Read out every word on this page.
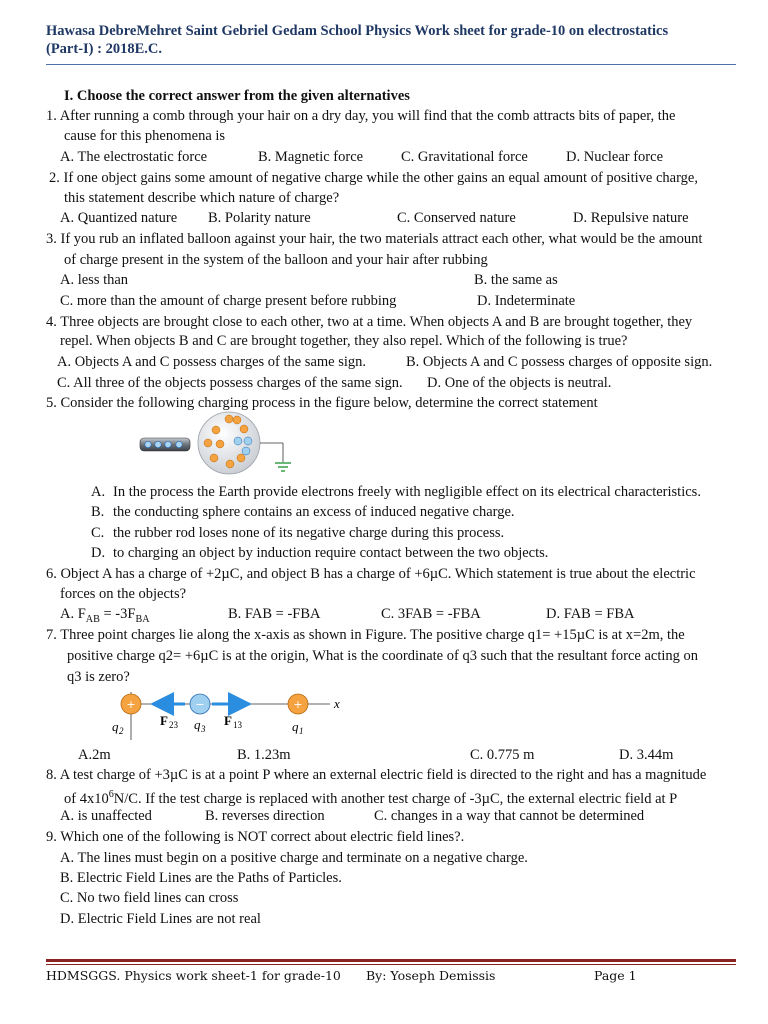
Hawasa DebreMehret Saint Gebriel Gedam School Physics Work sheet for grade-10 on electrostatics
(Part-I) : 2018E.C.
I. Choose the correct answer from the given alternatives
1. After running a comb through your hair on a dry day, you will find that the comb attracts bits of paper, the
cause for this phenomena is
A. The electrostatic force	B. Magnetic force	C. Gravitational force	D. Nuclear force
2. If one object gains some amount of negative charge while the other gains an equal amount of positive charge,
this statement describe which nature of charge?
A. Quantized nature B. Polarity nature	C. Conserved nature	D. Repulsive nature
3. If you rub an inflated balloon against your hair, the two materials attract each other, what would be the amount
of charge present in the system of the balloon and your hair after rubbing
A. less than	B. the same as
C. more than the amount of charge present before rubbing	D. Indeterminate
4. Three objects are brought close to each other, two at a time. When objects A and B are brought together, they
repel. When objects B and C are brought together, they also repel. Which of the following is true?
A. Objects A and C possess charges of the same sign.	B. Objects A and C possess charges of opposite sign.
C. All three of the objects possess charges of the same sign. D. One of the objects is neutral.
5. Consider the following charging process in the figure below, determine the correct statement
A. In the process the Earth provide electrons freely with negligible effect on its electrical characteristics.
B. the conducting sphere contains an excess of induced negative charge.
C. the rubber rod loses none of its negative charge during this process.
D. to charging an object by induction require contact between the two objects.
6. Object A has a charge of +2µC, and object B has a charge of +6µC. Which statement is true about the electric
forces on the objects?
A. $F_{AB} = -3F_{BA}$	B. FAB = -FBA	C. 3FAB = -FBA	D. FAB = FBA
7. Three point charges lie along the x-axis as shown in Figure. The positive charge q1= +15µC is at x=2m, the
positive charge q2= +6µC is at the origin, What is the coordinate of q3 such that the resultant force acting on
q3 is zero?
+	−	+ x
q 2
F 23 q 3
F 13	q 1
A.2m	B. 1.23m	C. 0.775 m	D. 3.44m
8. A test charge of +3µC is at a point P where an external electric field is directed to the right and has a magnitude
of $4x10^6N/C$. If the test charge is replaced with another test charge of -3µC, the external electric field at P
A. is unaffected	B. reverses direction	C. changes in a way that cannot be determined
9. Which one of the following is NOT correct about electric field lines?.
A. The lines must begin on a positive charge and terminate on a negative charge.
B. Electric Field Lines are the Paths of Particles.
C. No two field lines can cross
D. Electric Field Lines are not real
HDMSGGS. Physics work sheet-1 for grade-10 By: Yoseph Demissis	Page 1
